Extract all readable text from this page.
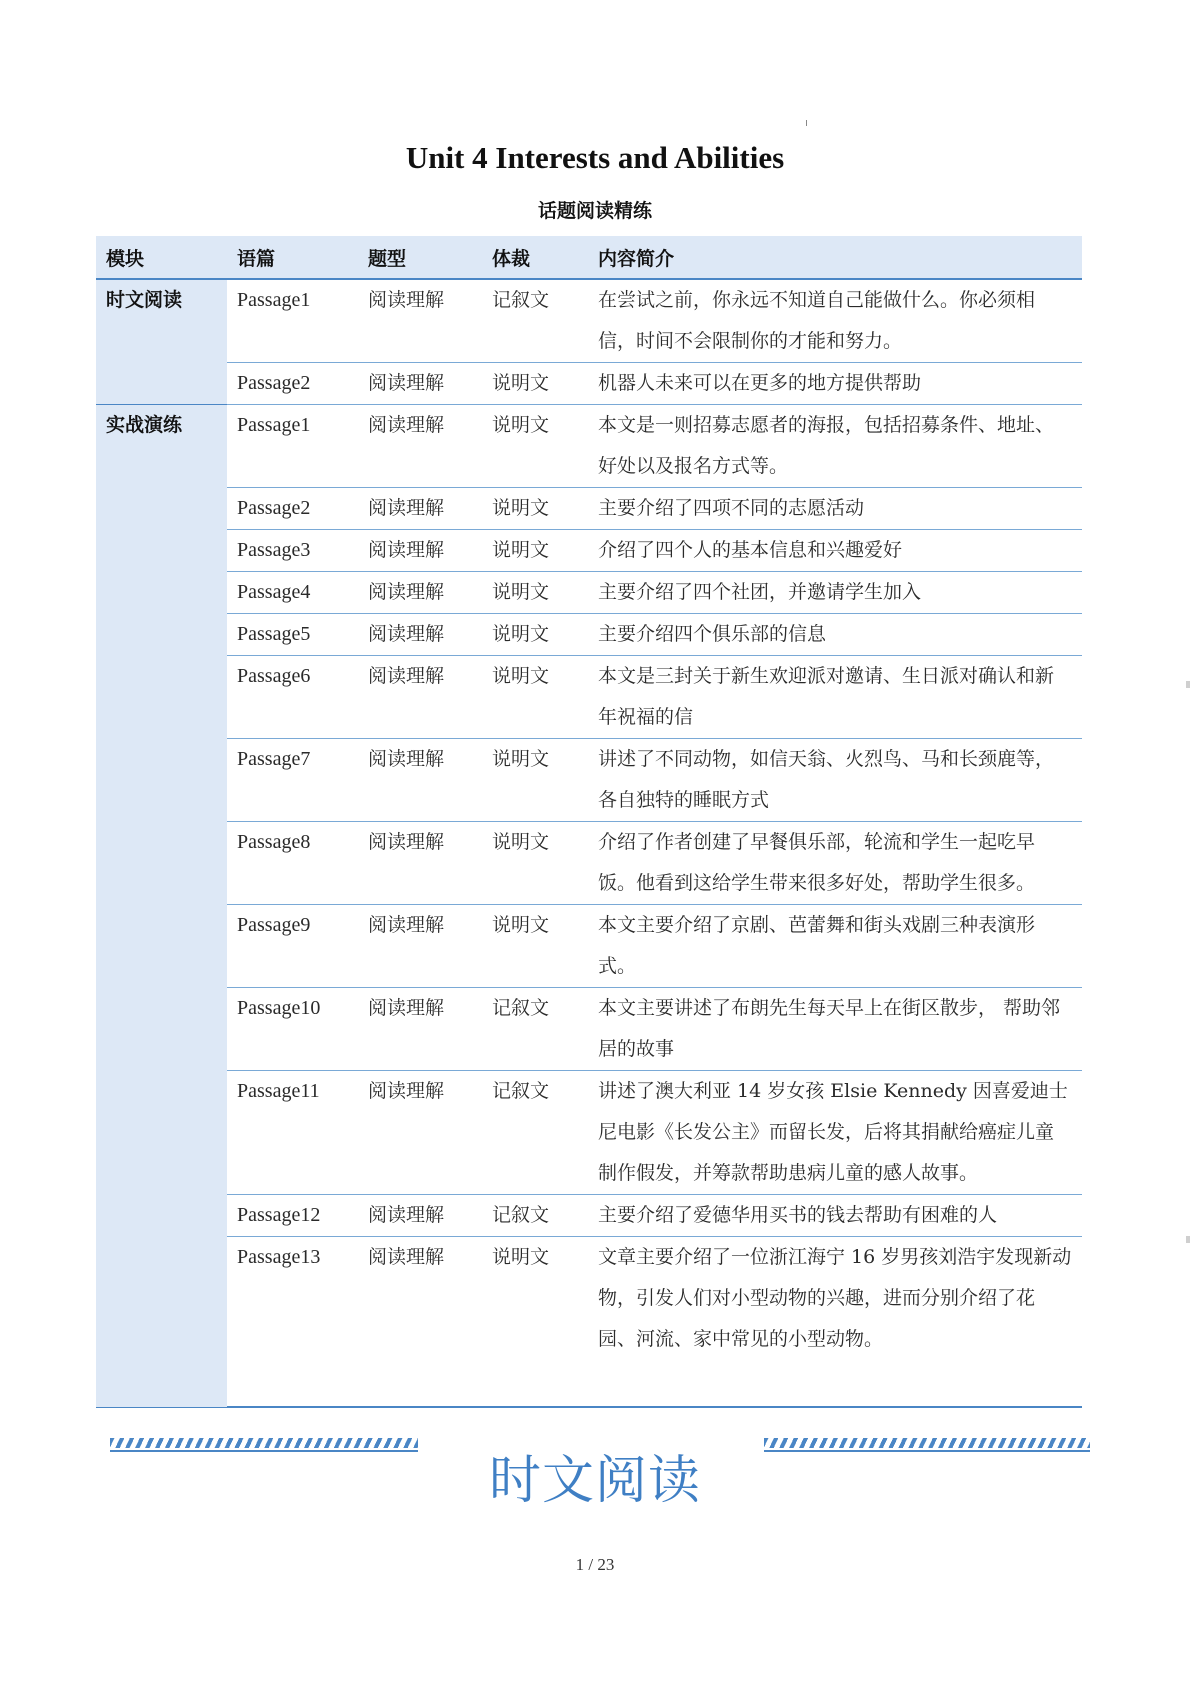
Unit 4 Interests and Abilities
话题阅读精练
模块	语篇	题型	体裁	内容简介
时文阅读	Passage1	阅读理解	记叙文	在尝试之前，你永远不知道自己能做什么。你必须相信，时间不会限制你的才能和努力。
	Passage2	阅读理解	说明文	机器人未来可以在更多的地方提供帮助
实战演练	Passage1	阅读理解	说明文	本文是一则招募志愿者的海报，包括招募条件、地址、好处以及报名方式等。
	Passage2	阅读理解	说明文	主要介绍了四项不同的志愿活动
	Passage3	阅读理解	说明文	介绍了四个人的基本信息和兴趣爱好
	Passage4	阅读理解	说明文	主要介绍了四个社团，并邀请学生加入
	Passage5	阅读理解	说明文	主要介绍四个俱乐部的信息
	Passage6	阅读理解	说明文	本文是三封关于新生欢迎派对邀请、生日派对确认和新年祝福的信
	Passage7	阅读理解	说明文	讲述了不同动物，如信天翁、火烈鸟、马和长颈鹿等，各自独特的睡眠方式
	Passage8	阅读理解	说明文	介绍了作者创建了早餐俱乐部，轮流和学生一起吃早饭。他看到这给学生带来很多好处，帮助学生很多。
	Passage9	阅读理解	说明文	本文主要介绍了京剧、芭蕾舞和街头戏剧三种表演形式。
	Passage10	阅读理解	记叙文	本文主要讲述了布朗先生每天早上在街区散步， 帮助邻居的故事
	Passage11	阅读理解	记叙文	讲述了澳大利亚 14 岁女孩 Elsie Kennedy 因喜爱迪士尼电影《长发公主》而留长发，后将其捐献给癌症儿童制作假发，并筹款帮助患病儿童的感人故事。
	Passage12	阅读理解	记叙文	主要介绍了爱德华用买书的钱去帮助有困难的人
	Passage13	阅读理解	说明文	文章主要介绍了一位浙江海宁 16 岁男孩刘浩宇发现新动物，引发人们对小型动物的兴趣，进而分别介绍了花园、河流、家中常见的小型动物。
时文阅读
1 / 23
